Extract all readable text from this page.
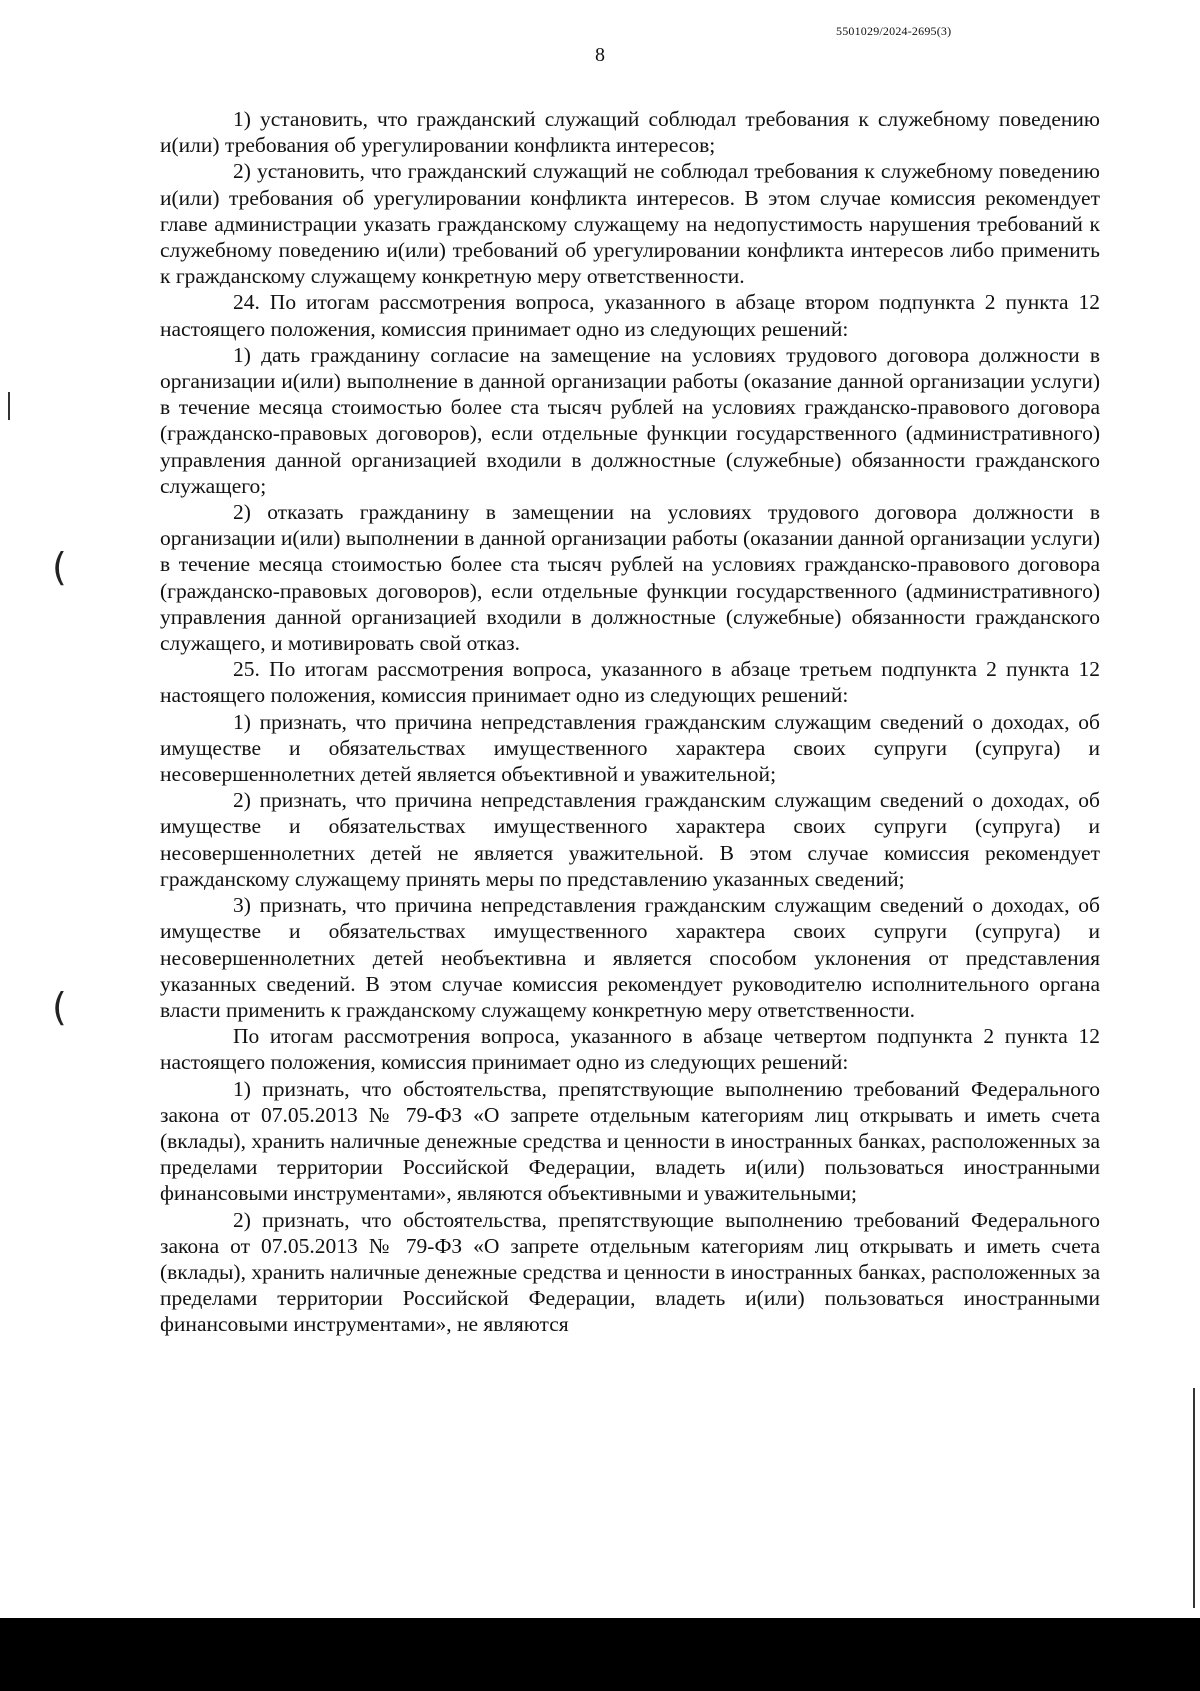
5501029/2024-2695(3)
8
(
(

1) установить, что гражданский служащий соблюдал требования к служебному поведению и(или) требования об урегулировании конфликта интересов;

2) установить, что гражданский служащий не соблюдал требования к служебному поведению и(или) требования об урегулировании конфликта интересов. В этом случае комиссия рекомендует главе администрации указать гражданскому служащему на недопустимость нарушения требований к служебному поведению и(или) требований об урегулировании конфликта интересов либо применить к гражданскому служащему конкретную меру ответственности.

24. По итогам рассмотрения вопроса, указанного в абзаце втором подпункта 2 пункта 12 настоящего положения, комиссия принимает одно из следующих решений:

1) дать гражданину согласие на замещение на условиях трудового договора должности в организации и(или) выполнение в данной организации работы (оказание данной организации услуги) в течение месяца стоимостью более ста тысяч рублей на условиях гражданско-правового договора (гражданско-правовых договоров), если отдельные функции государственного (административного) управления данной организацией входили в должностные (служебные) обязанности гражданского служащего;

2) отказать гражданину в замещении на условиях трудового договора должности в организации и(или) выполнении в данной организации работы (оказании данной организации услуги) в течение месяца стоимостью более ста тысяч рублей на условиях гражданско-правового договора (гражданско-правовых договоров), если отдельные функции государственного (административного) управления данной организацией входили в должностные (служебные) обязанности гражданского служащего, и мотивировать свой отказ.

25. По итогам рассмотрения вопроса, указанного в абзаце третьем подпункта 2 пункта 12 настоящего положения, комиссия принимает одно из следующих решений:

1) признать, что причина непредставления гражданским служащим сведений о доходах, об имуществе и обязательствах имущественного характера своих супруги (супруга) и несовершеннолетних детей является объективной и уважительной;

2) признать, что причина непредставления гражданским служащим сведений о доходах, об имуществе и обязательствах имущественного характера своих супруги (супруга) и несовершеннолетних детей не является уважительной. В этом случае комиссия рекомендует гражданскому служащему принять меры по представлению указанных сведений;

3) признать, что причина непредставления гражданским служащим сведений о доходах, об имуществе и обязательствах имущественного характера своих супруги (супруга) и несовершеннолетних детей необъективна и является способом уклонения от представления указанных сведений. В этом случае комиссия рекомендует руководителю исполнительного органа власти применить к гражданскому служащему конкретную меру ответственности.

По итогам рассмотрения вопроса, указанного в абзаце четвертом подпункта 2 пункта 12 настоящего положения, комиссия принимает одно из следующих решений:

1) признать, что обстоятельства, препятствующие выполнению требований Федерального закона от 07.05.2013 № 79-ФЗ «О запрете отдельным категориям лиц открывать и иметь счета (вклады), хранить наличные денежные средства и ценности в иностранных банках, расположенных за пределами территории Российской Федерации, владеть и(или) пользоваться иностранными финансовыми инструментами», являются объективными и уважительными;

2) признать, что обстоятельства, препятствующие выполнению требований Федерального закона от 07.05.2013 № 79-ФЗ «О запрете отдельным категориям лиц открывать и иметь счета (вклады), хранить наличные денежные средства и ценности в иностранных банках, расположенных за пределами территории Российской Федерации, владеть и(или) пользоваться иностранными финансовыми инструментами», не являются
